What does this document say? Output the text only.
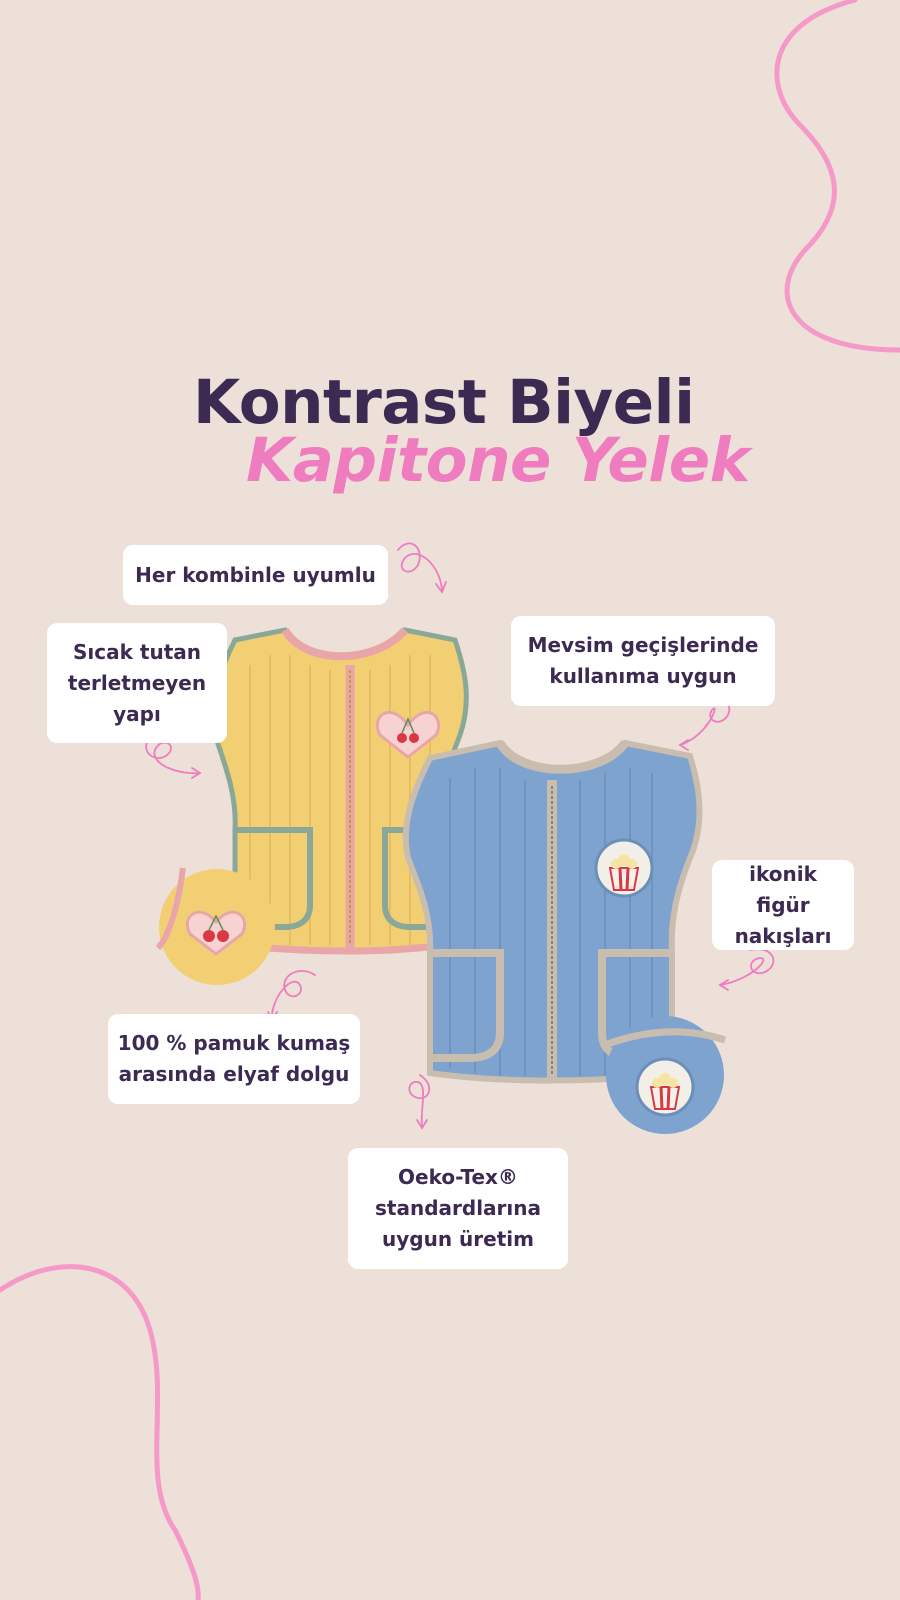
Kontrast Biyeli
Kapitone Yelek
Her kombinle uyumlu
Sıcak tutan terletmeyen yapı
Mevsim geçişlerinde kullanıma uygun
ikonik figür nakışları
100 % pamuk kumaş arasında elyaf dolgu
Oeko-Tex® standardlarına uygun üretim
